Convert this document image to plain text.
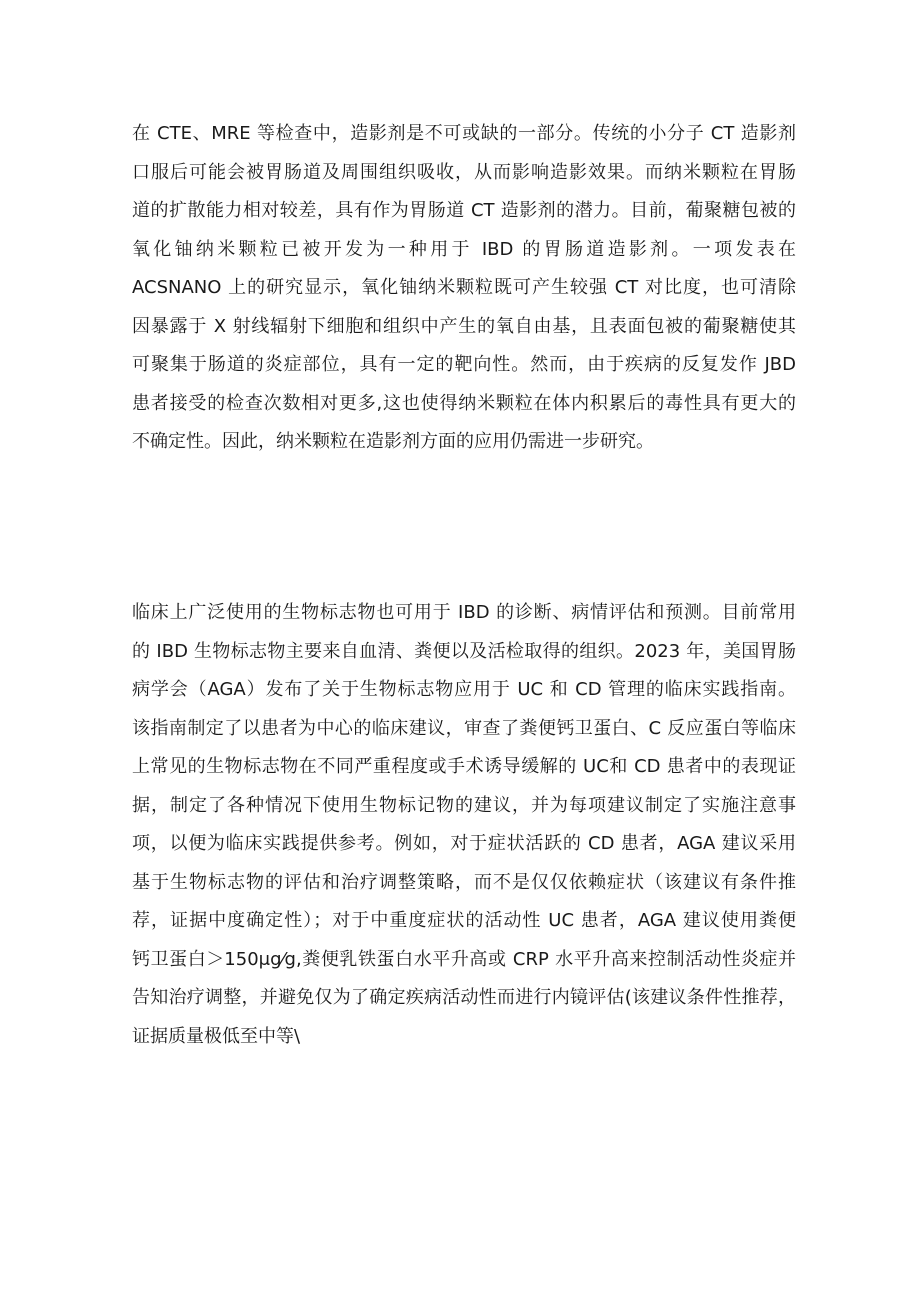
在 CTE、MRE 等检查中，造影剂是不可或缺的一部分。传统的小分子 CT 造影剂
口服后可能会被胃肠道及周围组织吸收，从而影响造影效果。而纳米颗粒在胃肠
道的扩散能力相对较差，具有作为胃肠道 CT 造影剂的潜力。目前，葡聚糖包被的
氧化铀纳米颗粒已被开发为一种用于 IBD 的胃肠道造影剂。一项发表在
ACSNANO 上的研究显示，氧化铀纳米颗粒既可产生较强 CT 对比度，也可清除
因暴露于 X 射线辐射下细胞和组织中产生的氧自由基，且表面包被的葡聚糖使其
可聚集于肠道的炎症部位，具有一定的靶向性。然而，由于疾病的反复发作 JBD
患者接受的检查次数相对更多,这也使得纳米颗粒在体内积累后的毒性具有更大的
不确定性。因此，纳米颗粒在造影剂方面的应用仍需进一步研究。
临床上广泛使用的生物标志物也可用于 IBD 的诊断、病情评估和预测。目前常用
的 IBD 生物标志物主要来自血清、粪便以及活检取得的组织。2023 年，美国胃肠
病学会（AGA）发布了关于生物标志物应用于 UC 和 CD 管理的临床实践指南。
该指南制定了以患者为中心的临床建议，审查了粪便钙卫蛋白、C 反应蛋白等临床
上常见的生物标志物在不同严重程度或手术诱导缓解的 UC和 CD 患者中的表现证
据，制定了各种情况下使用生物标记物的建议，并为每项建议制定了实施注意事
项，以便为临床实践提供参考。例如，对于症状活跃的 CD 患者，AGA 建议采用
基于生物标志物的评估和治疗调整策略，而不是仅仅依赖症状（该建议有条件推
荐，证据中度确定性）；对于中重度症状的活动性 UC 患者，AGA 建议使用粪便
钙卫蛋白＞150μg⁄g,粪便乳铁蛋白水平升高或 CRP 水平升高来控制活动性炎症并
告知治疗调整，并避免仅为了确定疾病活动性而进行内镜评估(该建议条件性推荐，
证据质量极低至中等\
